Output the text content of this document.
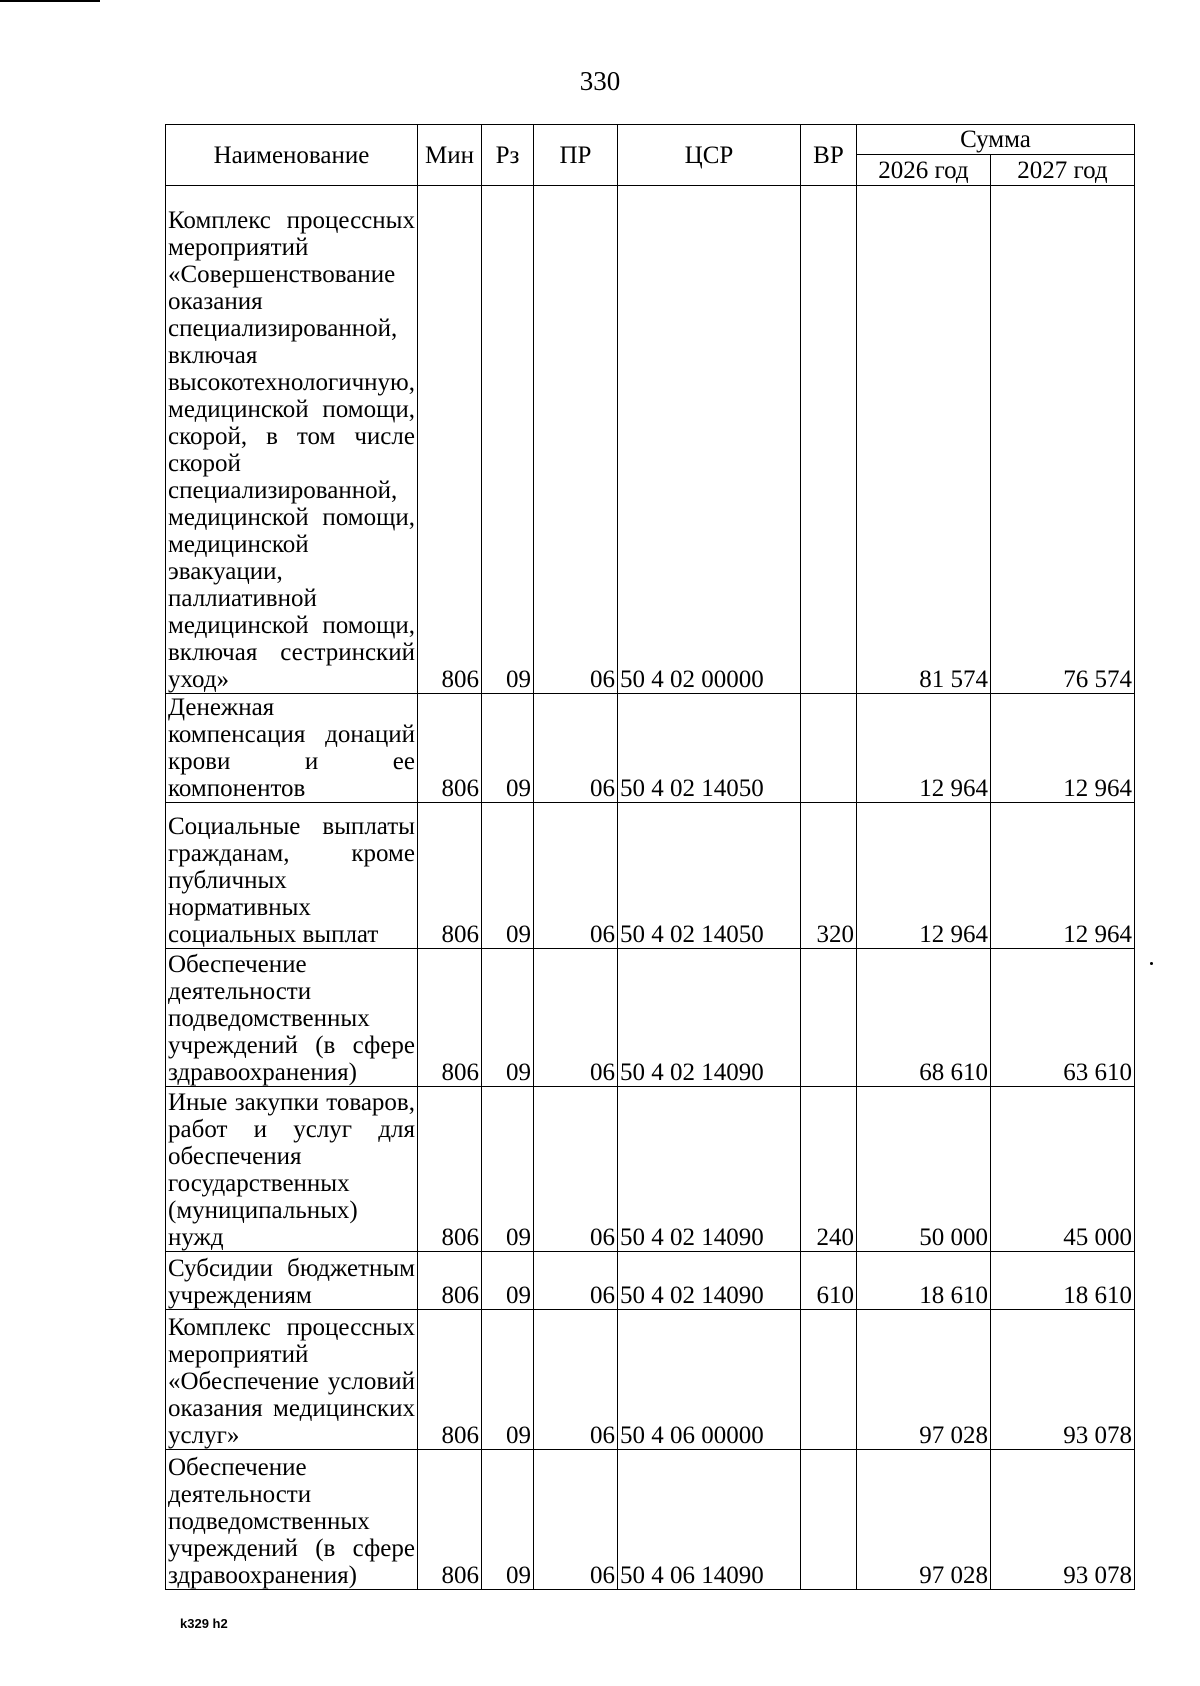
330
Наименование	Мин	Рз	ПР	ЦСР	ВР	Сумма	
						2026 год	2027 год
Комплекс процессных мероприятий «Совершенствование оказания специализированной, включая высокотехнологичную, медицинской помощи, скорой, в том числе скорой специализированной, медицинской помощи, медицинской эвакуации, паллиативной медицинской помощи, включая сестринский уход»	806	09	06	50 4 02 00000		81 574	76 574
Денежная компенсация донаций крови и ее компонентов	806	09	06	50 4 02 14050		12 964	12 964
Социальные выплаты гражданам, кроме публичных нормативных социальных выплат	806	09	06	50 4 02 14050	320	12 964	12 964
Обеспечение деятельности подведомственных учреждений (в сфере здравоохранения)	806	09	06	50 4 02 14090		68 610	63 610
Иные закупки товаров, работ и услуг для обеспечения государственных (муниципальных) нужд	806	09	06	50 4 02 14090	240	50 000	45 000
Субсидии бюджетным учреждениям	806	09	06	50 4 02 14090	610	18 610	18 610
Комплекс процессных мероприятий «Обеспечение условий оказания медицинских услуг»	806	09	06	50 4 06 00000		97 028	93 078
Обеспечение деятельности подведомственных учреждений (в сфере здравоохранения)	806	09	06	50 4 06 14090		97 028	93 078
k329 h2
